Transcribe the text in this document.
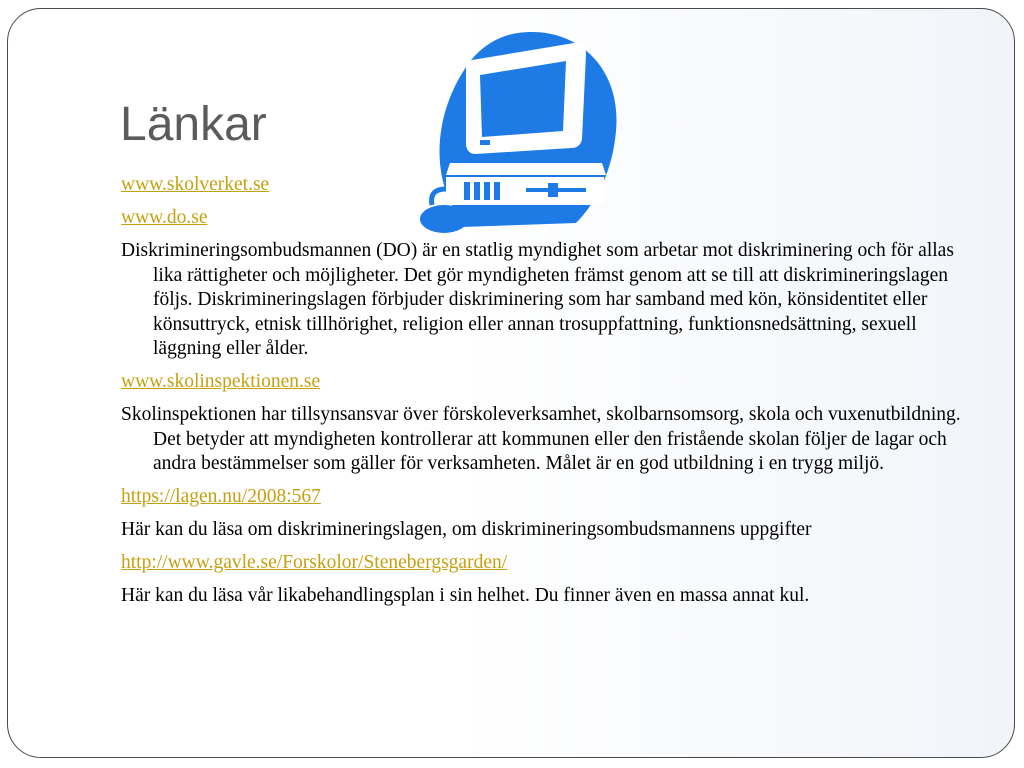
Länkar

www.skolverket.se

www.do.se

Diskrimineringsombudsmannen (DO) är en statlig myndighet som arbetar mot diskriminering och för allas lika rättigheter och möjligheter. Det gör myndigheten främst genom att se till att diskrimineringslagen följs. Diskrimineringslagen förbjuder diskriminering som har samband med kön, könsidentitet eller könsuttryck, etnisk tillhörighet, religion eller annan trosuppfattning, funktionsnedsättning, sexuell läggning eller ålder.

www.skolinspektionen.se

Skolinspektionen har tillsynsansvar över förskoleverksamhet, skolbarnsomsorg, skola och vuxenutbildning. Det betyder att myndigheten kontrollerar att kommunen eller den fristående skolan följer de lagar och andra bestämmelser som gäller för verksamheten. Målet är en god utbildning i en trygg miljö.

https://lagen.nu/2008:567

Här kan du läsa om diskrimineringslagen, om diskrimineringsombudsmannens uppgifter

http://www.gavle.se/Forskolor/Stenebergsgarden/

Här kan du läsa vår likabehandlingsplan i sin helhet. Du finner även en massa annat kul.
